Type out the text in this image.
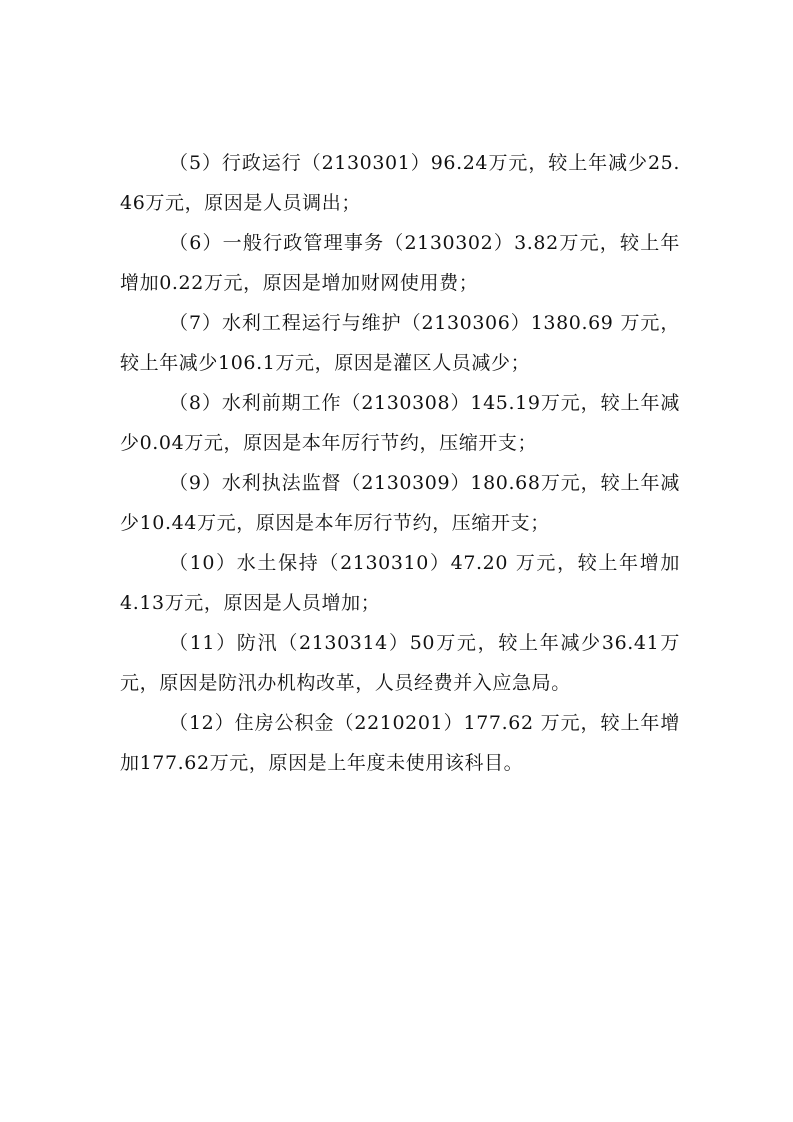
（5）行政运行（2130301）96.24万元，较上年减少25.46万元，原因是人员调出；

（6）一般行政管理事务（2130302）3.82万元，较上年增加0.22万元，原因是增加财网使用费；

（7）水利工程运行与维护（2130306）1380.69 万元，较上年减少106.1万元，原因是灌区人员减少；

（8）水利前期工作（2130308）145.19万元，较上年减少0.04万元，原因是本年厉行节约，压缩开支；

（9）水利执法监督（2130309）180.68万元，较上年减少10.44万元，原因是本年厉行节约，压缩开支；

（10）水土保持（2130310）47.20 万元，较上年增加4.13万元，原因是人员增加；

（11）防汛（2130314）50万元，较上年减少36.41万元，原因是防汛办机构改革，人员经费并入应急局。

（12）住房公积金（2210201）177.62 万元，较上年增加177.62万元，原因是上年度未使用该科目。
